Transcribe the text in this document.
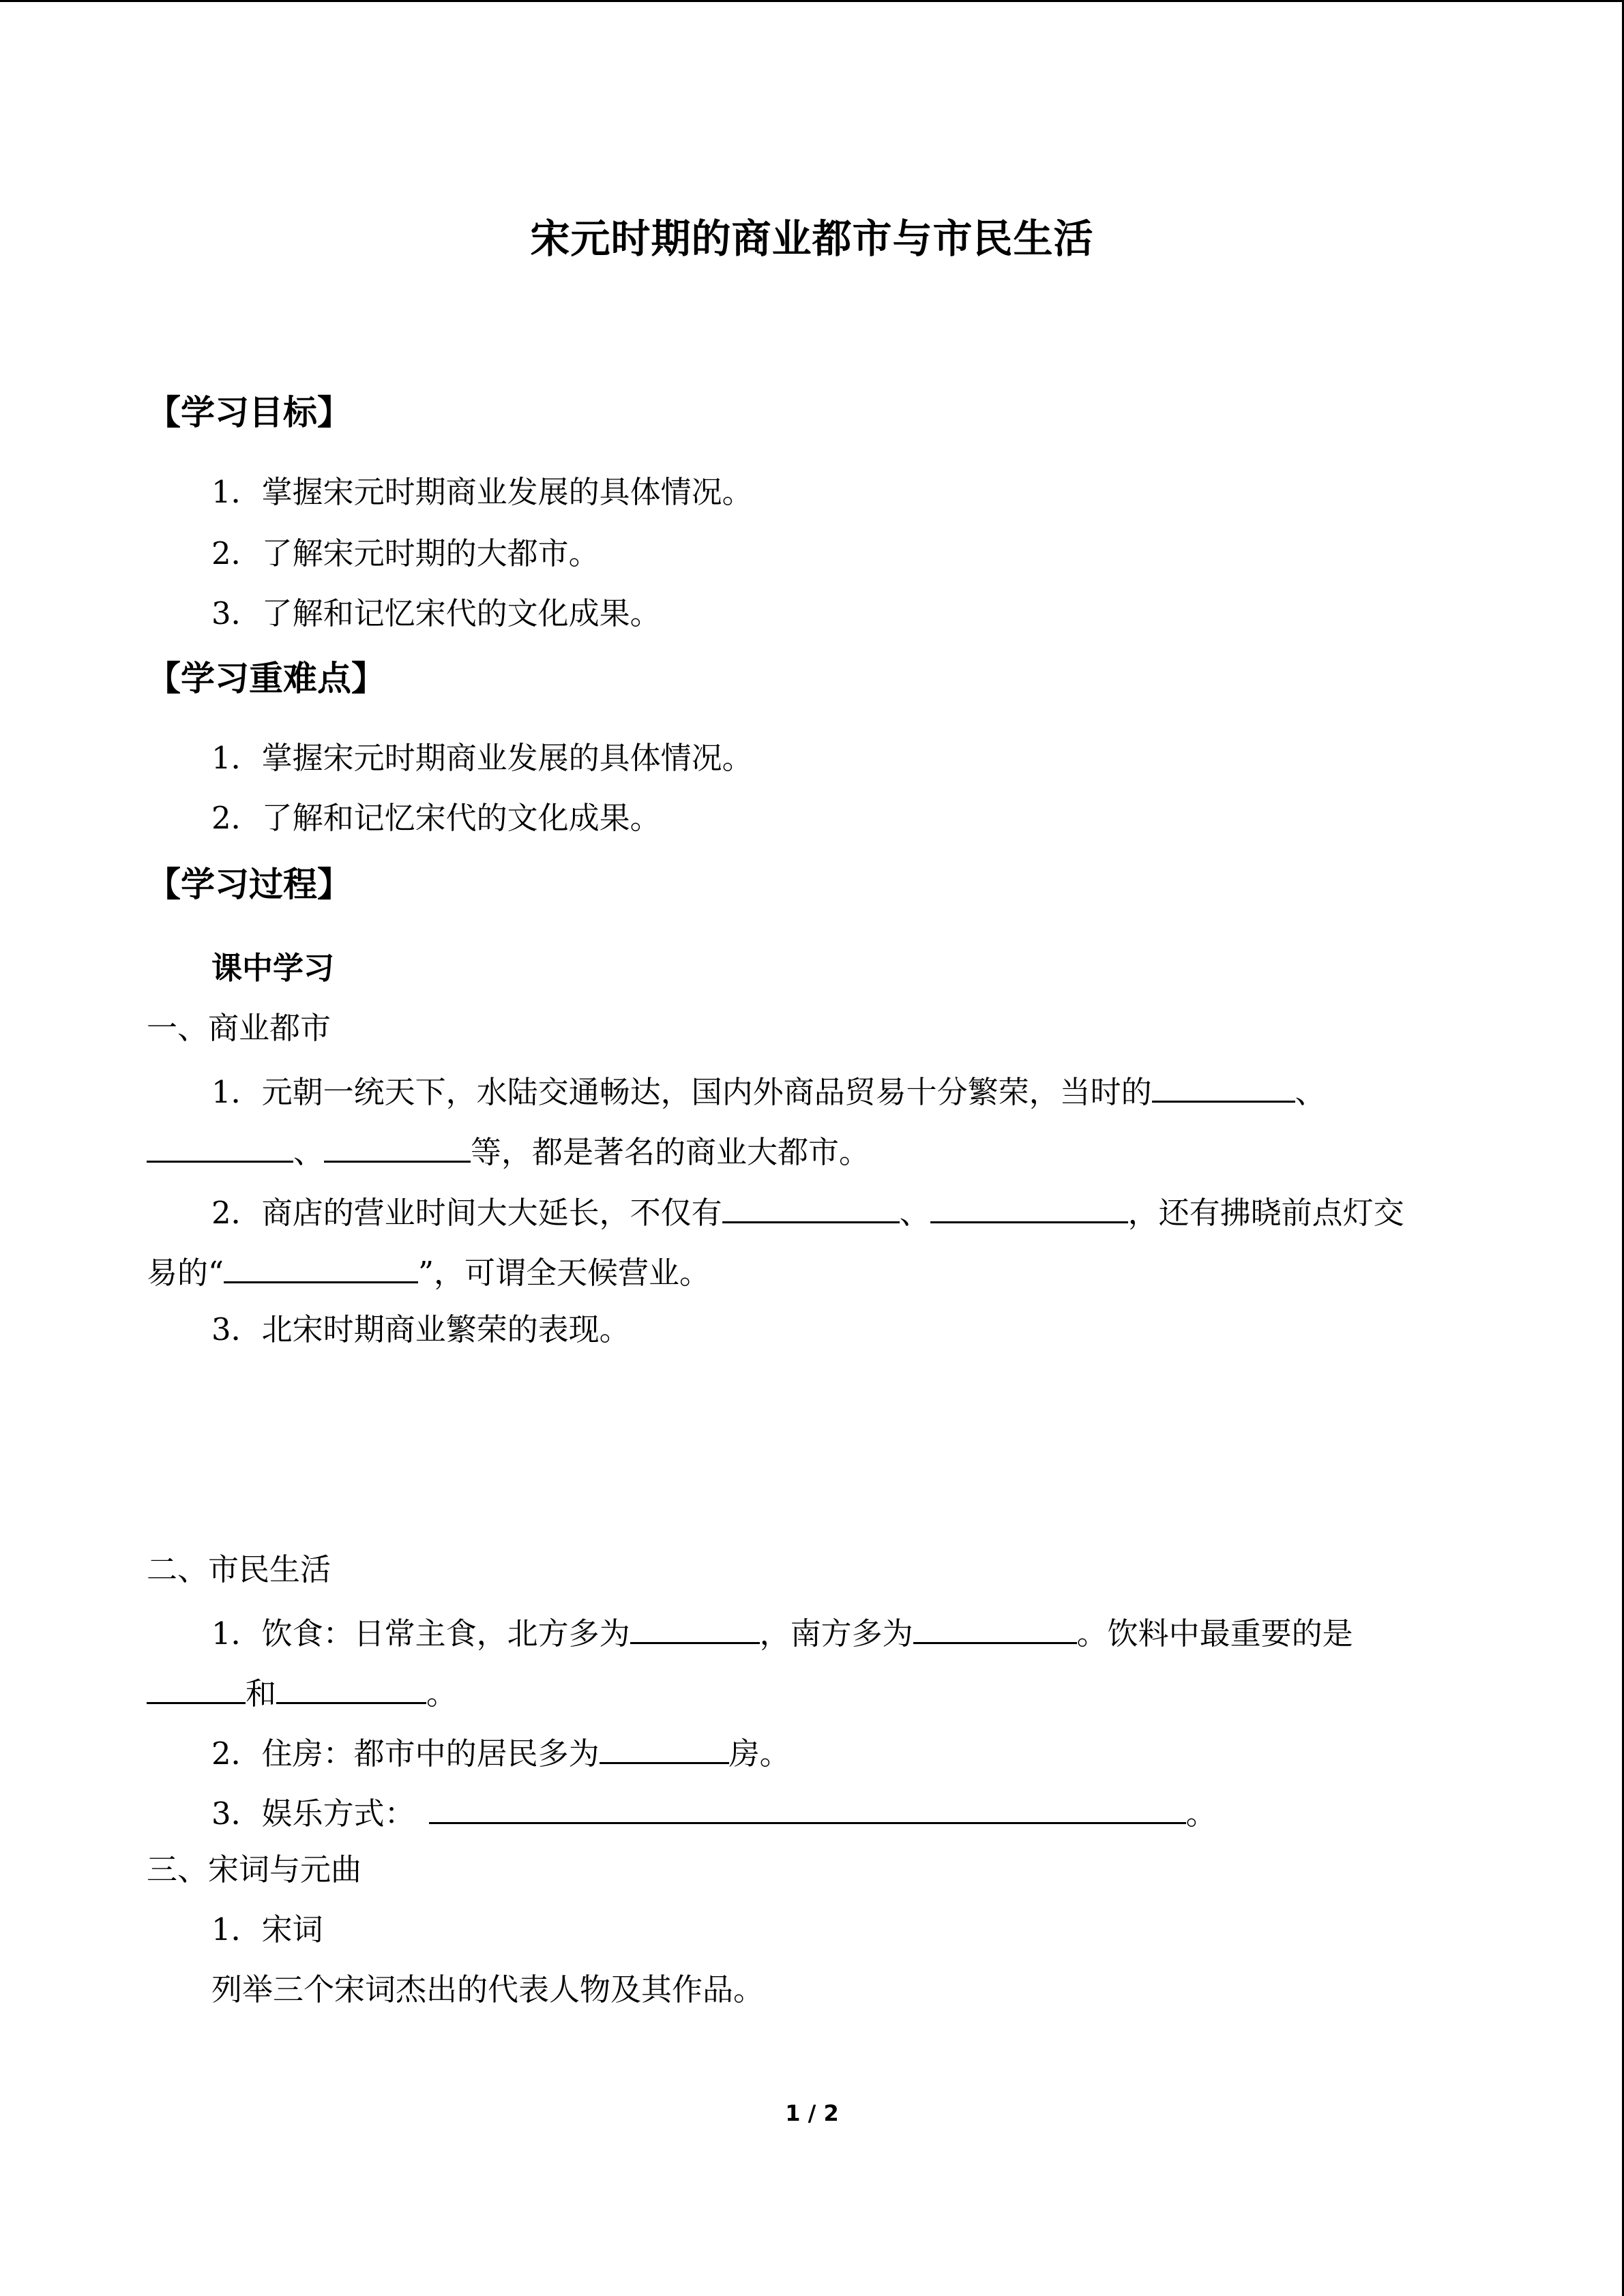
宋元时期的商业都市与市民生活
【学习目标】
1．掌握宋元时期商业发展的具体情况。
2．了解宋元时期的大都市。
3．了解和记忆宋代的文化成果。
【学习重难点】
1．掌握宋元时期商业发展的具体情况。
2．了解和记忆宋代的文化成果。
【学习过程】
课中学习
一、商业都市
1．元朝一统天下，水陆交通畅达，国内外商品贸易十分繁荣，当时的	、
、	等，都是著名的商业大都市。
2．商店的营业时间大大延长，不仅有	、	，还有拂晓前点灯交
易的“	”，可谓全天候营业。
3．北宋时期商业繁荣的表现。
二、市民生活
1．饮食：日常主食，北方多为	，南方多为	。饮料中最重要的是
和	。
2．住房：都市中的居民多为	房。
3．娱乐方式：	。
三、宋词与元曲
1．宋词
列举三个宋词杰出的代表人物及其作品。
1 / 2
